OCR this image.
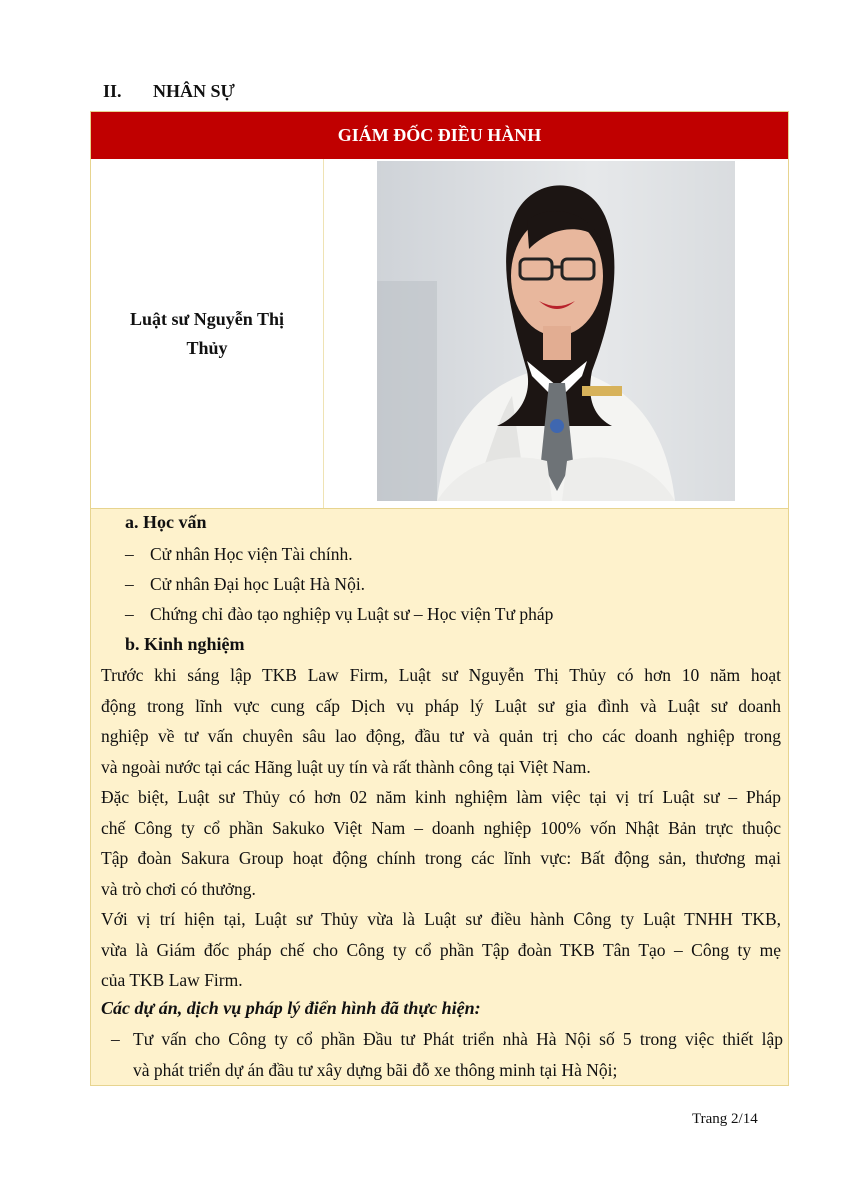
II. NHÂN SỰ
GIÁM ĐỐC ĐIỀU HÀNH
Luật sư Nguyễn Thị
Thủy
a. Học vấn
– Cử nhân Học viện Tài chính.
– Cử nhân Đại học Luật Hà Nội.
– Chứng chỉ đào tạo nghiệp vụ Luật sư – Học viện Tư pháp
b. Kinh nghiệm
Trước khi sáng lập TKB Law Firm, Luật sư Nguyễn Thị Thủy có hơn 10 năm hoạt
động trong lĩnh vực cung cấp Dịch vụ pháp lý Luật sư gia đình và Luật sư doanh
nghiệp về tư vấn chuyên sâu lao động, đầu tư và quản trị cho các doanh nghiệp trong
và ngoài nước tại các Hãng luật uy tín và rất thành công tại Việt Nam.
Đặc biệt, Luật sư Thủy có hơn 02 năm kinh nghiệm làm việc tại vị trí Luật sư – Pháp
chế Công ty cổ phần Sakuko Việt Nam – doanh nghiệp 100% vốn Nhật Bản trực thuộc
Tập đoàn Sakura Group hoạt động chính trong các lĩnh vực: Bất động sản, thương mại
và trò chơi có thưởng.
Với vị trí hiện tại, Luật sư Thủy vừa là Luật sư điều hành Công ty Luật TNHH TKB,
vừa là Giám đốc pháp chế cho Công ty cổ phần Tập đoàn TKB Tân Tạo – Công ty mẹ
của TKB Law Firm.
Các dự án, dịch vụ pháp lý điển hình đã thực hiện:
– Tư vấn cho Công ty cổ phần Đầu tư Phát triển nhà Hà Nội số 5 trong việc thiết lập
và phát triển dự án đầu tư xây dựng bãi đỗ xe thông minh tại Hà Nội;
Trang 2/14
